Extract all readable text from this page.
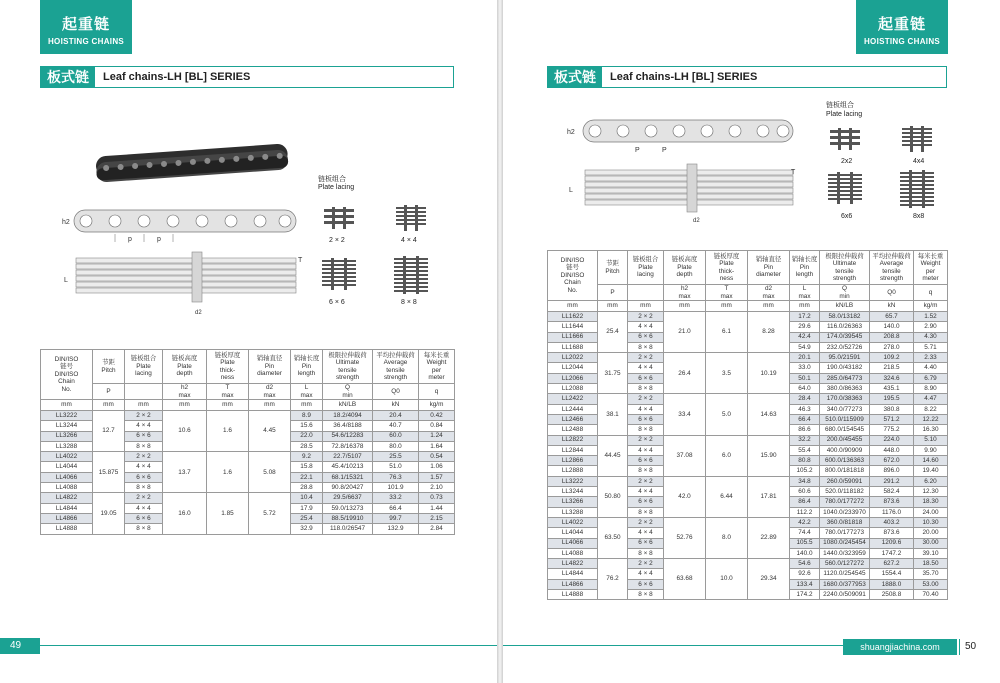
起重链
HOISTING CHAINS
板式链	Leaf chains-LH [BL] SERIES
链板组合
Plate lacing
p	p
h2
L
T
d2
2 × 2	4 × 4
6 × 6	8 × 8
DIN/ISO
链号
DIN/ISO
Chain
No.	节距
Pitch	链板组合
Plate
lacing	链板高度
Plate
depth	链板厚度
Plate
thick-
ness	销轴直径
Pin
diameter	销轴长度
Pin
length	极限拉伸载荷
Ultimate
tensile
strength	平均拉伸载荷
Average
tensile
strength	每米长重
Weight
per
meter
	P		h2
max	T
max	d2
max	L
max	Q
min	Q0	q
mm	mm	mm	mm	mm	mm	mm	kN/LB	kN	kg/m
LL3222	12.7	2 × 2	10.6	1.6	4.45	8.9	18.2/4094	20.4	0.42
LL3244		4 × 4				15.6	36.4/8188	40.7	0.84
LL3266		6 × 6				22.0	54.6/12283	60.0	1.24
LL3288		8 × 8				28.5	72.8/16378	80.0	1.64
LL4022	15.875	2 × 2	13.7	1.6	5.08	9.2	22.7/5107	25.5	0.54
LL4044		4 × 4				15.8	45.4/10213	51.0	1.06
LL4066		6 × 6				22.1	68.1/15321	76.3	1.57
LL4088		8 × 8				28.8	90.8/20427	101.9	2.10
LL4822	19.05	2 × 2	16.0	1.85	5.72	10.4	29.5/6637	33.2	0.73
LL4844		4 × 4				17.9	59.0/13273	66.4	1.44
LL4866		6 × 6				25.4	88.5/19910	99.7	2.15
LL4888		8 × 8				32.9	118.0/26547	132.9	2.84
49
起重链
HOISTING CHAINS
板式链	Leaf chains-LH [BL] SERIES
链板组合
Plate lacing
P	P
h2
L
T
d2
2x2	4x4
6x6	8x8
DIN/ISO
链号
DIN/ISO
Chain
No.	节距
Pitch	链板组合
Plate
lacing	链板高度
Plate
depth	链板厚度
Plate
thick-
ness	销轴直径
Pin
diameter	销轴长度
Pin
length	极限拉伸载荷
Ultimate
tensile
strength	平均拉伸载荷
Average
tensile
strength	每米长重
Weight
per
meter
	P		h2
max	T
max	d2
max	L
max	Q
min	Q0	q
mm	mm	mm	mm	mm	mm	mm	kN/LB	kN	kg/m
LL1622	25.4	2 × 2	21.0	6.1	8.28	17.2	58.0/13182	65.7	1.52
LL1644		4 × 4				29.6	116.0/26363	140.0	2.90
LL1666		6 × 6				42.4	174.0/39545	208.8	4.30
LL1688		8 × 8				54.9	232.0/52726	278.0	5.71
LL2022	31.75	2 × 2	26.4	3.5	10.19	20.1	95.0/21591	109.2	2.33
LL2044		4 × 4				33.0	190.0/43182	218.5	4.40
LL2066		6 × 6				50.1	285.0/64773	324.6	6.79
LL2088		8 × 8				64.0	380.0/86363	435.1	8.90
LL2422	38.1	2 × 2	33.4	5.0	14.63	28.4	170.0/38363	195.5	4.47
LL2444		4 × 4				46.3	340.0/77273	380.8	8.22
LL2466		6 × 6				66.4	510.0/115909	571.2	12.22
LL2488		8 × 8				86.6	680.0/154545	775.2	16.30
LL2822	44.45	2 × 2	37.08	6.0	15.90	32.2	200.0/45455	224.0	5.10
LL2844		4 × 4				55.4	400.0/90909	448.0	9.90
LL2866		6 × 6				80.8	600.0/136363	672.0	14.60
LL2888		8 × 8				105.2	800.0/181818	896.0	19.40
LL3222	50.80	2 × 2	42.0	6.44	17.81	34.8	260.0/59091	291.2	6.20
LL3244		4 × 4				60.6	520.0/118182	582.4	12.30
LL3266		6 × 6				86.4	780.0/177272	873.6	18.30
LL3288		8 × 8				112.2	1040.0/233970	1176.0	24.00
LL4022	63.50	2 × 2	52.76	8.0	22.89	42.2	360.0/81818	403.2	10.30
LL4044		4 × 4				74.4	780.0/177273	873.6	20.00
LL4066		6 × 6				105.5	1080.0/245454	1209.6	30.00
LL4088		8 × 8				140.0	1440.0/323959	1747.2	39.10
LL4822	76.2	2 × 2	63.68	10.0	29.34	54.6	560.0/127272	627.2	18.50
LL4844		4 × 4				92.6	1120.0/254545	1554.4	35.70
LL4866		6 × 6				133.4	1680.0/377953	1888.0	53.00
LL4888		8 × 8				174.2	2240.0/509091	2508.8	70.40
shuangjiachina.com	50
